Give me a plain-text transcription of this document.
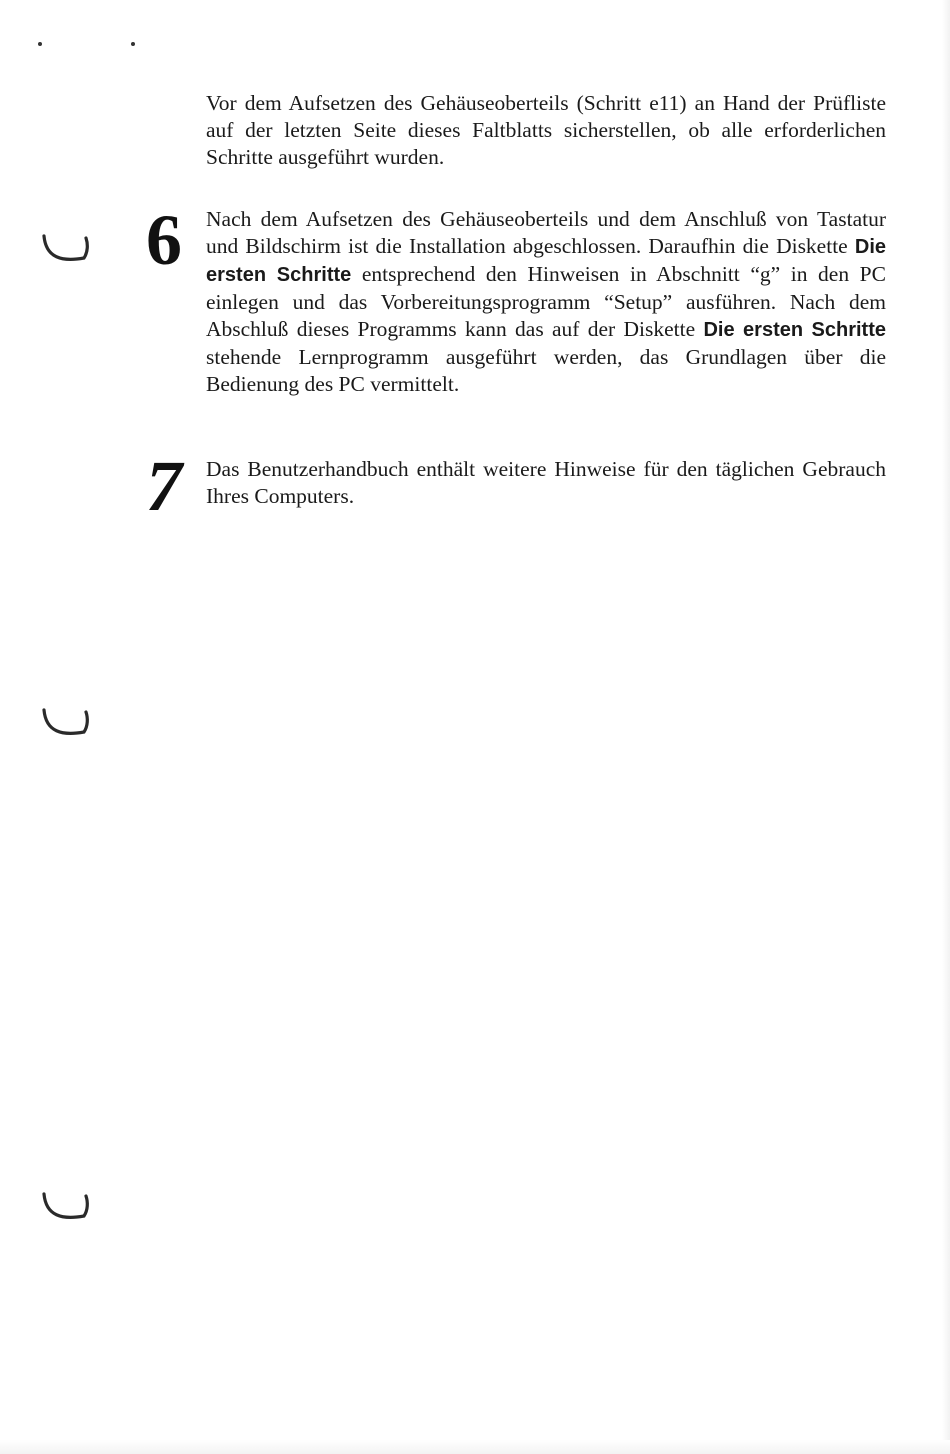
Vor dem Aufsetzen des Gehäuseoberteils (Schritt e11) an Hand der Prüfliste auf der letzten Seite dieses Faltblatts sicherstellen, ob alle erforderlichen Schritte ausgeführt wurden.

6 Nach dem Aufsetzen des Gehäuseoberteils und dem Anschluß von Tastatur und Bildschirm ist die Installation abgeschlossen. Daraufhin die Diskette Die ersten Schritte entsprechend den Hinweisen in Abschnitt “g” in den PC einlegen und das Vorbereitungsprogramm “Setup” ausführen. Nach dem Abschluß dieses Programms kann das auf der Diskette Die ersten Schritte stehende Lernprogramm ausgeführt werden, das Grundlagen über die Bedienung des PC vermittelt.

7 Das Benutzerhandbuch enthält weitere Hinweise für den täglichen Gebrauch Ihres Computers.
